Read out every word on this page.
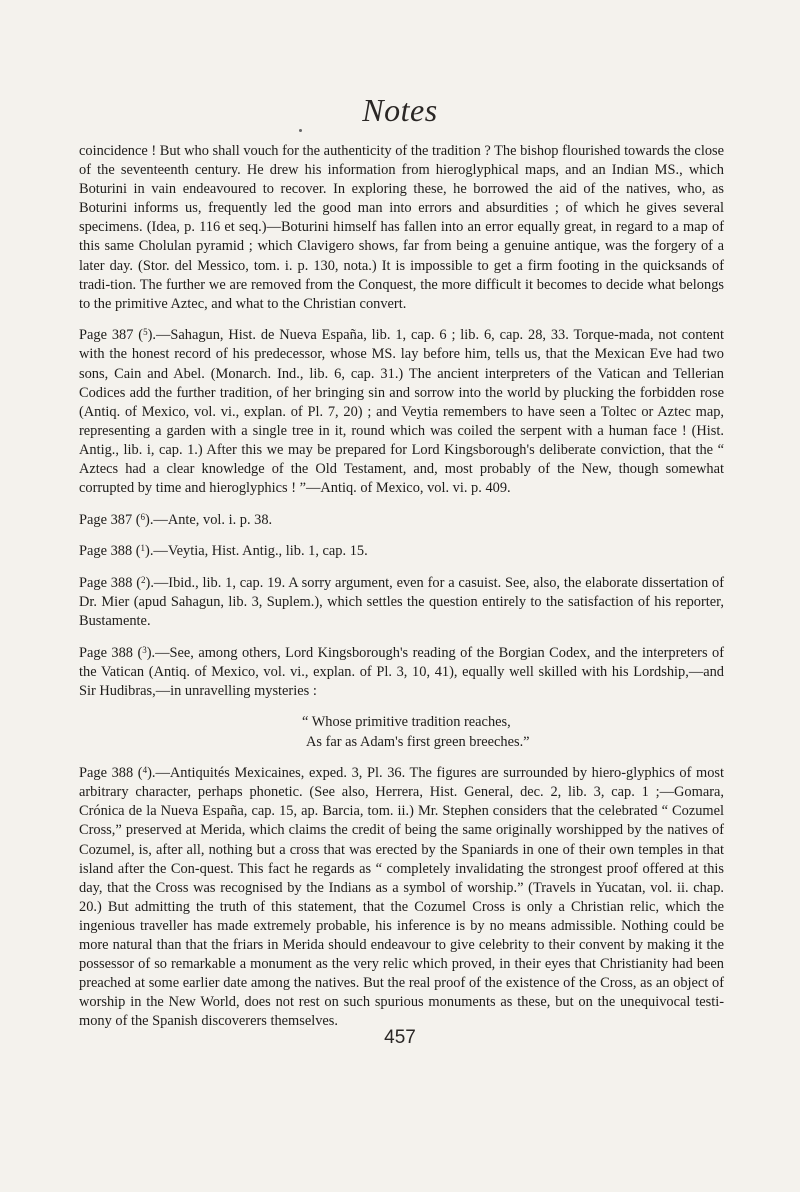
Notes

coincidence ! But who shall vouch for the authenticity of the tradition ? The bishop flourished towards the close of the seventeenth century. He drew his information from hieroglyphical maps, and an Indian MS., which Boturini in vain endeavoured to recover. In exploring these, he borrowed the aid of the natives, who, as Boturini informs us, frequently led the good man into errors and absurdities ; of which he gives several specimens. (Idea, p. 116 et seq.)—Boturini himself has fallen into an error equally great, in regard to a map of this same Cholulan pyramid ; which Clavigero shows, far from being a genuine antique, was the forgery of a later day. (Stor. del Messico, tom. i. p. 130, nota.) It is impossible to get a firm footing in the quicksands of tradi-tion. The further we are removed from the Conquest, the more difficult it becomes to decide what belongs to the primitive Aztec, and what to the Christian convert.

Page 387 ($^5$).—Sahagun, Hist. de Nueva España, lib. 1, cap. 6 ; lib. 6, cap. 28, 33. Torque-mada, not content with the honest record of his predecessor, whose MS. lay before him, tells us, that the Mexican Eve had two sons, Cain and Abel. (Monarch. Ind., lib. 6, cap. 31.) The ancient interpreters of the Vatican and Tellerian Codices add the further tradition, of her bringing sin and sorrow into the world by plucking the forbidden rose (Antiq. of Mexico, vol. vi., explan. of Pl. 7, 20) ; and Veytia remembers to have seen a Toltec or Aztec map, representing a garden with a single tree in it, round which was coiled the serpent with a human face ! (Hist. Antig., lib. i, cap. 1.) After this we may be prepared for Lord Kingsborough's deliberate conviction, that the “ Aztecs had a clear knowledge of the Old Testament, and, most probably of the New, though somewhat corrupted by time and hieroglyphics ! ”—Antiq. of Mexico, vol. vi. p. 409.

Page 387 ($^6$).—Ante, vol. i. p. 38.

Page 388 ($^1$).—Veytia, Hist. Antig., lib. 1, cap. 15.

Page 388 ($^2$).—Ibid., lib. 1, cap. 19. A sorry argument, even for a casuist. See, also, the elaborate dissertation of Dr. Mier (apud Sahagun, lib. 3, Suplem.), which settles the question entirely to the satisfaction of his reporter, Bustamente.

Page 388 ($^3$).—See, among others, Lord Kingsborough's reading of the Borgian Codex, and the interpreters of the Vatican (Antiq. of Mexico, vol. vi., explan. of Pl. 3, 10, 41), equally well skilled with his Lordship,—and Sir Hudibras,—in unravelling mysteries :

“ Whose primitive tradition reaches,
As far as Adam's first green breeches.”

Page 388 ($^4$).—Antiquités Mexicaines, exped. 3, Pl. 36. The figures are surrounded by hiero-glyphics of most arbitrary character, perhaps phonetic. (See also, Herrera, Hist. General, dec. 2, lib. 3, cap. 1 ;—Gomara, Crónica de la Nueva España, cap. 15, ap. Barcia, tom. ii.) Mr. Stephen considers that the celebrated “ Cozumel Cross,” preserved at Merida, which claims the credit of being the same originally worshipped by the natives of Cozumel, is, after all, nothing but a cross that was erected by the Spaniards in one of their own temples in that island after the Con-quest. This fact he regards as “ completely invalidating the strongest proof offered at this day, that the Cross was recognised by the Indians as a symbol of worship.” (Travels in Yucatan, vol. ii. chap. 20.) But admitting the truth of this statement, that the Cozumel Cross is only a Christian relic, which the ingenious traveller has made extremely probable, his inference is by no means admissible. Nothing could be more natural than that the friars in Merida should endeavour to give celebrity to their convent by making it the possessor of so remarkable a monument as the very relic which proved, in their eyes that Christianity had been preached at some earlier date among the natives. But the real proof of the existence of the Cross, as an object of worship in the New World, does not rest on such spurious monuments as these, but on the unequivocal testi-mony of the Spanish discoverers themselves.

457
